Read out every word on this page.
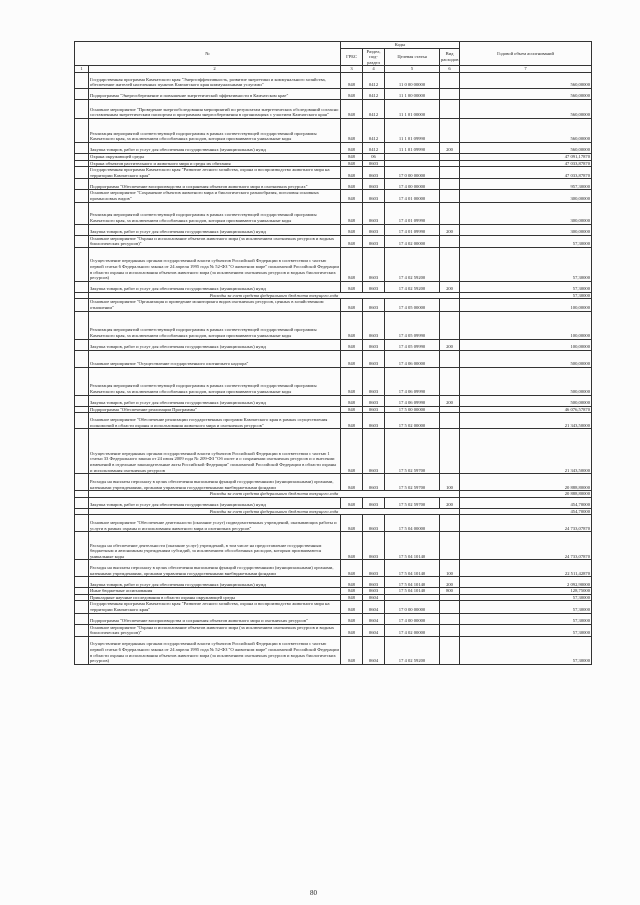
№		Коды				Годовой объем ассигнований
		ГРБС	Раздел, под-раздел	Целевая статья	Вид расходов	
1	2	3	4	5	6	7
	Государственная программа Камчатского края "Энергоэффективность, развитие энергетики и коммунального хозяйства, обеспечение жителей населенных пунктов Камчатского края коммунальными услугами"	848	0412	11 0 00 00000		560,00000
	Подпрограмма "Энергосбережение и повышение энергетической эффективности в Камчатском крае"	848	0412	11 1 00 00000		560,00000
	Основное мероприятие "Проведение энергообследования мероприятий по результатам энергетических обследований согласно составленным энергетическим паспортам и программам энергосбережения в организациях с участием Камчатского края"	848	0412	11 1 01 00000		560,00000
	Реализация мероприятий соответствующей подпрограммы в рамках соответствующей государственной программы Камчатского края, за исключением обособленных расходов, которым присваиваются уникальные коды	848	0412	11 1 01 09990		560,00000
	Закупка товаров, работ и услуг для обеспечения государственных (муниципальных) нужд	848	0412	11 1 01 09990	200	560,00000
	Охрана окружающей среды	848	06			47 091,17870
	Охрана объектов растительного и животного мира и среды их обитания	848	0603			47 033,87870
	Государственная программа Камчатского края "Развитие лесного хозяйства, охрана и воспроизводство животного мира на территории Камчатского края"	848	0603	17 0 00 00000		47 033,87870
	Подпрограмма "Обеспечение воспроизводства и сохранения объектов животного мира в охотничьих ресурсах"	848	0603	17 4 00 00000		957,30000
	Основное мероприятие "Сохранение объектов животного мира и биологического разнообразия, поголовья основных промысловых видов"	848	0603	17 4 01 00000		300,00000
	Реализация мероприятий соответствующей подпрограммы в рамках соответствующей государственной программы Камчатского края, за исключением обособленных расходов, которым присваиваются уникальные коды	848	0603	17 4 01 09990		300,00000
	Закупка товаров, работ и услуг для обеспечения государственных (муниципальных) нужд	848	0603	17 4 01 09990	200	300,00000
	Основное мероприятие "Охрана и использование объектов животного мира (за исключением охотничьих ресурсов и водных биологических ресурсов)"	848	0603	17 4 02 00000		57,30000
	Осуществление переданных органам государственной власти субъектов Российской Федерации в соответствии с частью первой статьи 6 Федерального закона от 24 апреля 1995 года № 52-ФЗ "О животном мире" полномочий Российской Федерации в области охраны и использования объектов животного мира (за исключением охотничьих ресурсов и водных биологических ресурсов)	848	0603	17 4 02 59200		57,30000
	Закупка товаров, работ и услуг для обеспечения государственных (муниципальных) нужд	848	0603	17 4 02 59200	200	57,30000
	Расходы за счет средств федерального бюджета текущего года					57,30000
	Основное мероприятие "Организация и проведение мониторинга видов охотничьих ресурсов, ценных в хозяйственном отношении"	848	0603	17 4 05 00000		100,00000
	Реализация мероприятий соответствующей подпрограммы в рамках соответствующей государственной программы Камчатского края, за исключением обособленных расходов, которым присваиваются уникальные коды	848	0603	17 4 05 09990		100,00000
	Закупка товаров, работ и услуг для обеспечения государственных (муниципальных) нужд	848	0603	17 4 05 09990	200	100,00000
	Основное мероприятие "Осуществление государственного охотничьего надзора"	848	0603	17 4 06 00000		500,00000
	Реализация мероприятий соответствующей подпрограммы в рамках соответствующей государственной программы Камчатского края, за исключением обособленных расходов, которым присваиваются уникальные коды	848	0603	17 4 06 09990		500,00000
	Закупка товаров, работ и услуг для обеспечения государственных (муниципальных) нужд	848	0603	17 4 06 09990	200	500,00000
	Подпрограмма "Обеспечение реализации Программы"	848	0603	17 5 00 00000		46 076,57870
	Основное мероприятие "Обеспечение реализации государственных программ Камчатского края в рамках осуществления полномочий в области охраны и использования животного мира и охотничьих ресурсов"	848	0603	17 5 02 00000		21 343,50000
	Осуществление переданных органам государственной власти субъектов Российской Федерации в соответствии с частью 1 статьи 33 Федерального закона от 24 июля 2009 года № 209-ФЗ "Об охоте и о сохранении охотничьих ресурсов и о внесении изменений в отдельные законодательные акты Российской Федерации" полномочий Российской Федерации в области охраны и использования охотничьих ресурсов	848	0603	17 5 02 59700		21 343,50000
	Расходы на выплаты персоналу в целях обеспечения выполнения функций государственными (муниципальными) органами, казенными учреждениями, органами управления государственными внебюджетными фондами	848	0603	17 5 02 59700	100	20 888,80000
	Расходы за счет средств федерального бюджета текущего года					20 888,80000
	Закупка товаров, работ и услуг для обеспечения государственных (муниципальных) нужд	848	0603	17 5 02 59700	200	454,70000
	Расходы за счет средств федерального бюджета текущего года					454,70000
	Основное мероприятие "Обеспечение деятельности (оказание услуг) подведомственных учреждений, оказывающих работы и услуги в рамках охраны и использования животного мира и охотничьих ресурсов"	848	0603	17 5 04 00000		24 733,07870
	Расходы на обеспечение деятельности (оказание услуг) учреждений, в том числе на предоставление государственным бюджетным и автономным учреждениям субсидий, за исключением обособленных расходов, которым присваиваются уникальные коды	848	0603	17 5 04 10140		24 733,07870
	Расходы на выплаты персоналу в целях обеспечения выполнения функций государственными (муниципальными) органами, казенными учреждениями, органами управления государственными внебюджетными фондами	848	0603	17 5 04 10140	100	22 511,42870
	Закупка товаров, работ и услуг для обеспечения государственных (муниципальных) нужд	848	0603	17 5 04 10140	200	2 092,90000
	Иные бюджетные ассигнования	848	0603	17 5 04 10140	800	128,75000
	Прикладные научные исследования в области охраны окружающей среды	848	0604			57,30000
	Государственная программа Камчатского края "Развитие лесного хозяйства, охрана и воспроизводство животного мира на территории Камчатского края"	848	0604	17 0 00 00000		57,30000
	Подпрограмма "Обеспечение воспроизводства и сохранения объектов животного мира и охотничьих ресурсов"	848	0604	17 4 00 00000		57,30000
	Основное мероприятие "Охрана и использование объектов животного мира (за исключением охотничьих ресурсов и водных биологических ресурсов)"	848	0604	17 4 02 00000		57,30000
	Осуществление переданных органам государственной власти субъектов Российской Федерации в соответствии с частью первой статьи 6 Федерального закона от 24 апреля 1995 года № 52-ФЗ "О животном мире" полномочий Российской Федерации в области охраны и использования объектов животного мира (за исключением охотничьих ресурсов и водных биологических ресурсов)	848	0604	17 4 02 59200		57,30000
80
